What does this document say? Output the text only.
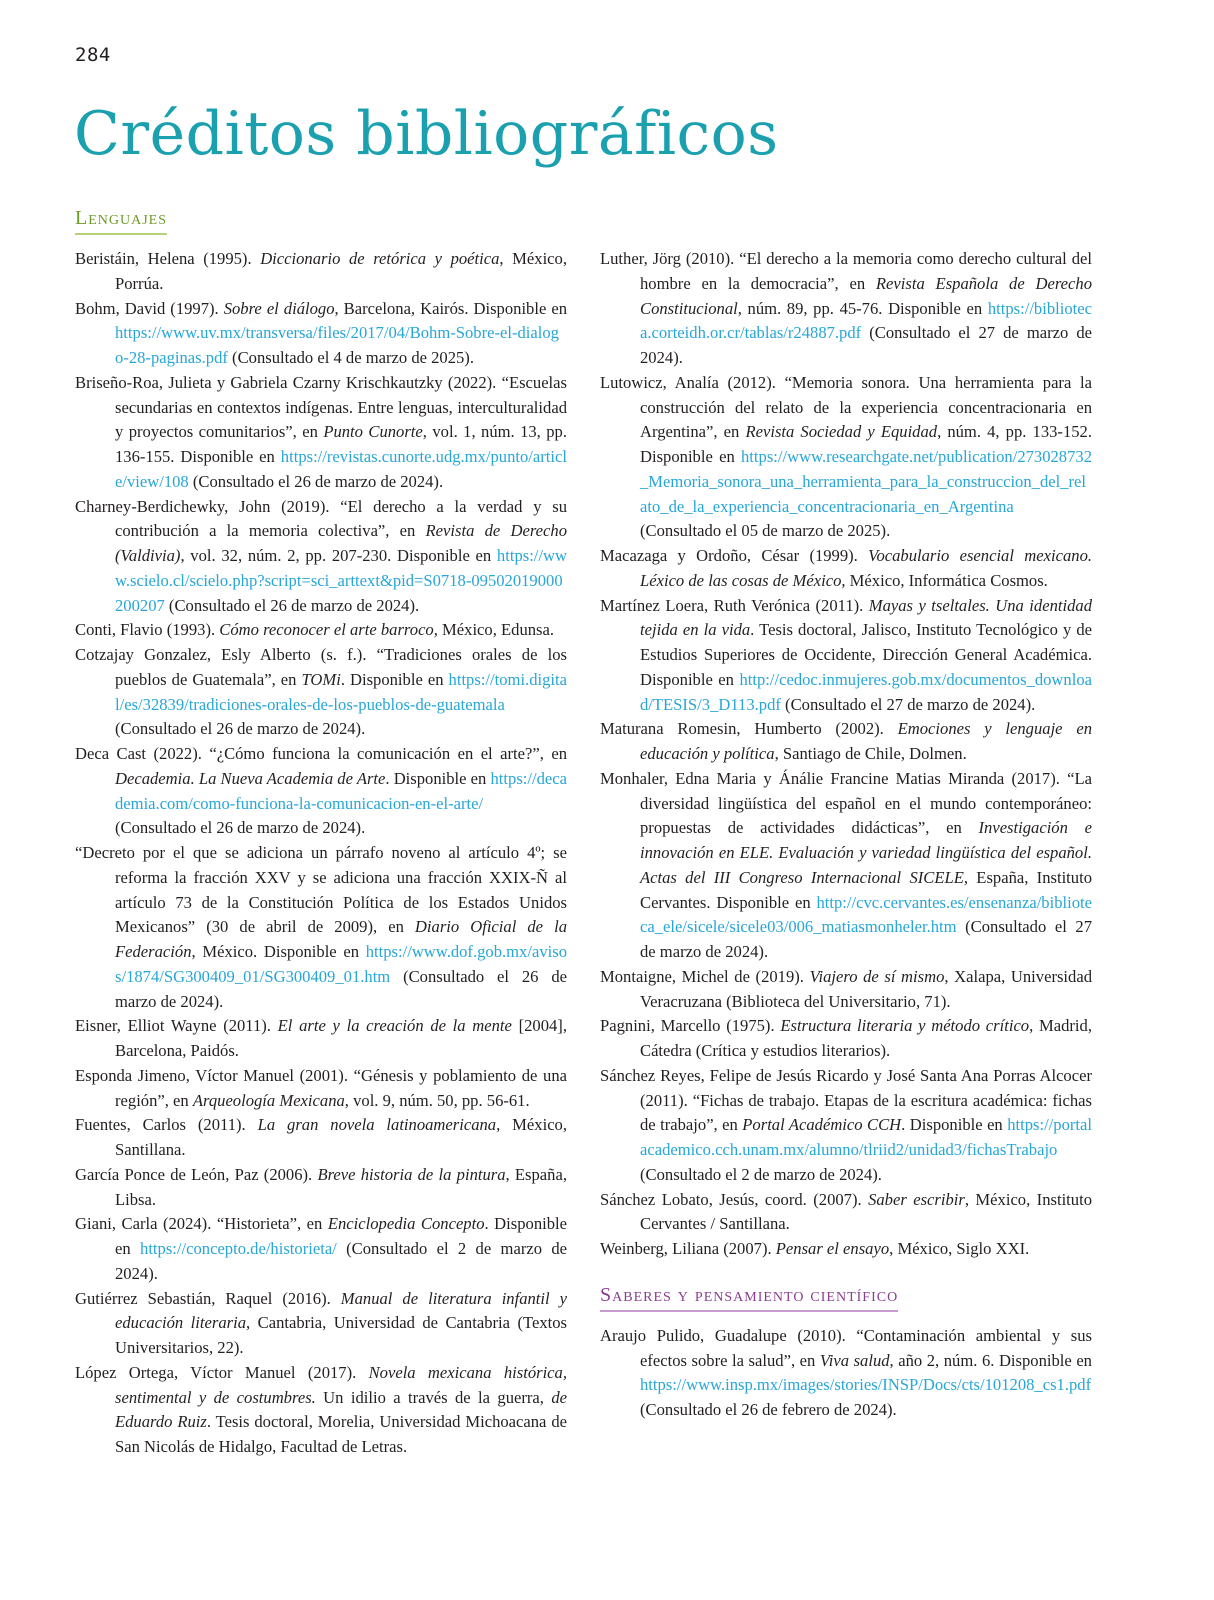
284
Créditos bibliográficos
Lenguajes
Beristáin, Helena (1995). Diccionario de retórica y poética, México, Porrúa.
Bohm, David (1997). Sobre el diálogo, Barcelona, Kairós. Disponible en https://www.uv.mx/transversa/files/2017/04/Bohm-Sobre-el-dialogo-28-paginas.pdf (Consultado el 4 de marzo de 2025).
Briseño-Roa, Julieta y Gabriela Czarny Krischkautzky (2022). “Escuelas secundarias en contextos indígenas. Entre lenguas, interculturalidad y proyectos comunitarios”, en Punto Cunorte, vol. 1, núm. 13, pp. 136-155. Disponible en https://revistas.cunorte.udg.mx/punto/article/view/108 (Consultado el 26 de marzo de 2024).
Charney-Berdichewky, John (2019). “El derecho a la verdad y su contribución a la memoria colectiva”, en Revista de Derecho (Valdivia), vol. 32, núm. 2, pp. 207-230. Disponible en https://www.scielo.cl/scielo.php?script=sci_arttext&pid=S0718-09502019000200207 (Consultado el 26 de marzo de 2024).
Conti, Flavio (1993). Cómo reconocer el arte barroco, México, Edunsa.
Cotzajay Gonzalez, Esly Alberto (s. f.). “Tradiciones orales de los pueblos de Guatemala”, en TOMi. Disponible en https://tomi.digital/es/32839/tradiciones-orales-de-los-pueblos-de-guatemala (Consultado el 26 de marzo de 2024).
Deca Cast (2022). “¿Cómo funciona la comunicación en el arte?”, en Decademia. La Nueva Academia de Arte. Disponible en https://decademia.com/como-funciona-la-comunicacion-en-el-arte/ (Consultado el 26 de marzo de 2024).
“Decreto por el que se adiciona un párrafo noveno al artículo 4º; se reforma la fracción XXV y se adiciona una fracción XXIX-Ñ al artículo 73 de la Constitución Política de los Estados Unidos Mexicanos” (30 de abril de 2009), en Diario Oficial de la Federación, México. Disponible en https://www.dof.gob.mx/avisos/1874/SG300409_01/SG300409_01.htm (Consultado el 26 de marzo de 2024).
Eisner, Elliot Wayne (2011). El arte y la creación de la mente [2004], Barcelona, Paidós.
Esponda Jimeno, Víctor Manuel (2001). “Génesis y poblamiento de una región”, en Arqueología Mexicana, vol. 9, núm. 50, pp. 56-61.
Fuentes, Carlos (2011). La gran novela latinoamericana, México, Santillana.
García Ponce de León, Paz (2006). Breve historia de la pintura, España, Libsa.
Giani, Carla (2024). “Historieta”, en Enciclopedia Concepto. Disponible en https://concepto.de/historieta/ (Consultado el 2 de marzo de 2024).
Gutiérrez Sebastián, Raquel (2016). Manual de literatura infantil y educación literaria, Cantabria, Universidad de Cantabria (Textos Universitarios, 22).
López Ortega, Víctor Manuel (2017). Novela mexicana histórica, sentimental y de costumbres. Un idilio a través de la guerra, de Eduardo Ruiz. Tesis doctoral, Morelia, Universidad Michoacana de San Nicolás de Hidalgo, Facultad de Letras.
Luther, Jörg (2010). “El derecho a la memoria como derecho cultural del hombre en la democracia”, en Revista Española de Derecho Constitucional, núm. 89, pp. 45-76. Disponible en https://biblioteca.corteidh.or.cr/tablas/r24887.pdf (Consultado el 27 de marzo de 2024).
Lutowicz, Analía (2012). “Memoria sonora. Una herramienta para la construcción del relato de la experiencia concentracionaria en Argentina”, en Revista Sociedad y Equidad, núm. 4, pp. 133-152. Disponible en https://www.researchgate.net/publication/273028732_Memoria_sonora_una_herramienta_para_la_construccion_del_relato_de_la_experiencia_concentracionaria_en_Argentina (Consultado el 05 de marzo de 2025).
Macazaga y Ordoño, César (1999). Vocabulario esencial mexicano. Léxico de las cosas de México, México, Informática Cosmos.
Martínez Loera, Ruth Verónica (2011). Mayas y tseltales. Una identidad tejida en la vida. Tesis doctoral, Jalisco, Instituto Tecnológico y de Estudios Superiores de Occidente, Dirección General Académica. Disponible en http://cedoc.inmujeres.gob.mx/documentos_download/TESIS/3_D113.pdf (Consultado el 27 de marzo de 2024).
Maturana Romesin, Humberto (2002). Emociones y lenguaje en educación y política, Santiago de Chile, Dolmen.
Monhaler, Edna Maria y Ánálie Francine Matias Miranda (2017). “La diversidad lingüística del español en el mundo contemporáneo: propuestas de actividades didácticas”, en Investigación e innovación en ELE. Evaluación y variedad lingüística del español. Actas del III Congreso Internacional SICELE, España, Instituto Cervantes. Disponible en http://cvc.cervantes.es/ensenanza/biblioteca_ele/sicele/sicele03/006_matiasmonheler.htm (Consultado el 27 de marzo de 2024).
Montaigne, Michel de (2019). Viajero de sí mismo, Xalapa, Universidad Veracruzana (Biblioteca del Universitario, 71).
Pagnini, Marcello (1975). Estructura literaria y método crítico, Madrid, Cátedra (Crítica y estudios literarios).
Sánchez Reyes, Felipe de Jesús Ricardo y José Santa Ana Porras Alcocer (2011). “Fichas de trabajo. Etapas de la escritura académica: fichas de trabajo”, en Portal Académico CCH. Disponible en https://portalacademico.cch.unam.mx/alumno/tlriid2/unidad3/fichasTrabajo (Consultado el 2 de marzo de 2024).
Sánchez Lobato, Jesús, coord. (2007). Saber escribir, México, Instituto Cervantes / Santillana.
Weinberg, Liliana (2007). Pensar el ensayo, México, Siglo XXI.
Saberes y pensamiento científico
Araujo Pulido, Guadalupe (2010). “Contaminación ambiental y sus efectos sobre la salud”, en Viva salud, año 2, núm. 6. Disponible en https://www.insp.mx/images/stories/INSP/Docs/cts/101208_cs1.pdf (Consultado el 26 de febrero de 2024).
